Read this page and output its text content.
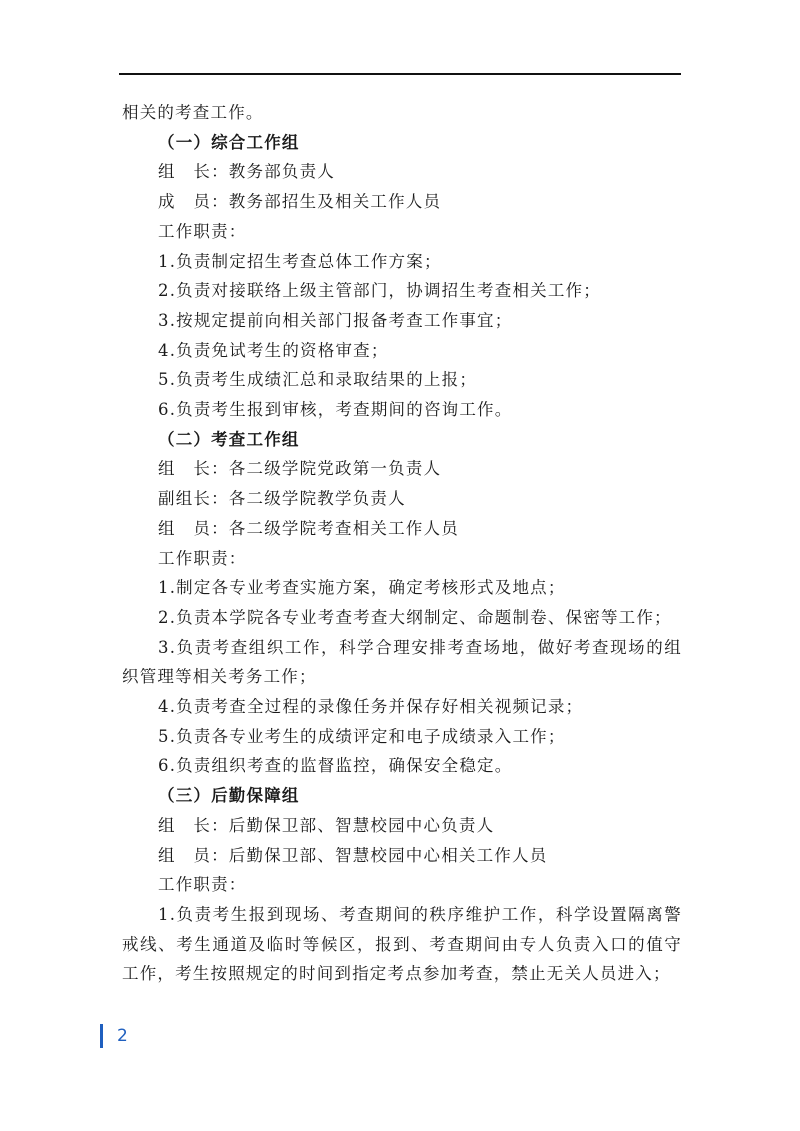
相关的考查工作。

（一）综合工作组

组　长：教务部负责人

成　员：教务部招生及相关工作人员

工作职责：

1.负责制定招生考查总体工作方案；

2.负责对接联络上级主管部门，协调招生考查相关工作；

3.按规定提前向相关部门报备考查工作事宜；

4.负责免试考生的资格审查；

5.负责考生成绩汇总和录取结果的上报；

6.负责考生报到审核，考查期间的咨询工作。

（二）考查工作组

组　长：各二级学院党政第一负责人

副组长：各二级学院教学负责人

组　员：各二级学院考查相关工作人员

工作职责：

1.制定各专业考查实施方案，确定考核形式及地点；

2.负责本学院各专业考查考查大纲制定、命题制卷、保密等工作；

3.负责考查组织工作，科学合理安排考查场地，做好考查现场的组织管理等相关考务工作；

4.负责考查全过程的录像任务并保存好相关视频记录；

5.负责各专业考生的成绩评定和电子成绩录入工作；

6.负责组织考查的监督监控，确保安全稳定。

（三）后勤保障组

组　长：后勤保卫部、智慧校园中心负责人

组　员：后勤保卫部、智慧校园中心相关工作人员

工作职责：

1.负责考生报到现场、考查期间的秩序维护工作，科学设置隔离警戒线、考生通道及临时等候区，报到、考查期间由专人负责入口的值守工作，考生按照规定的时间到指定考点参加考查，禁止无关人员进入；

2
